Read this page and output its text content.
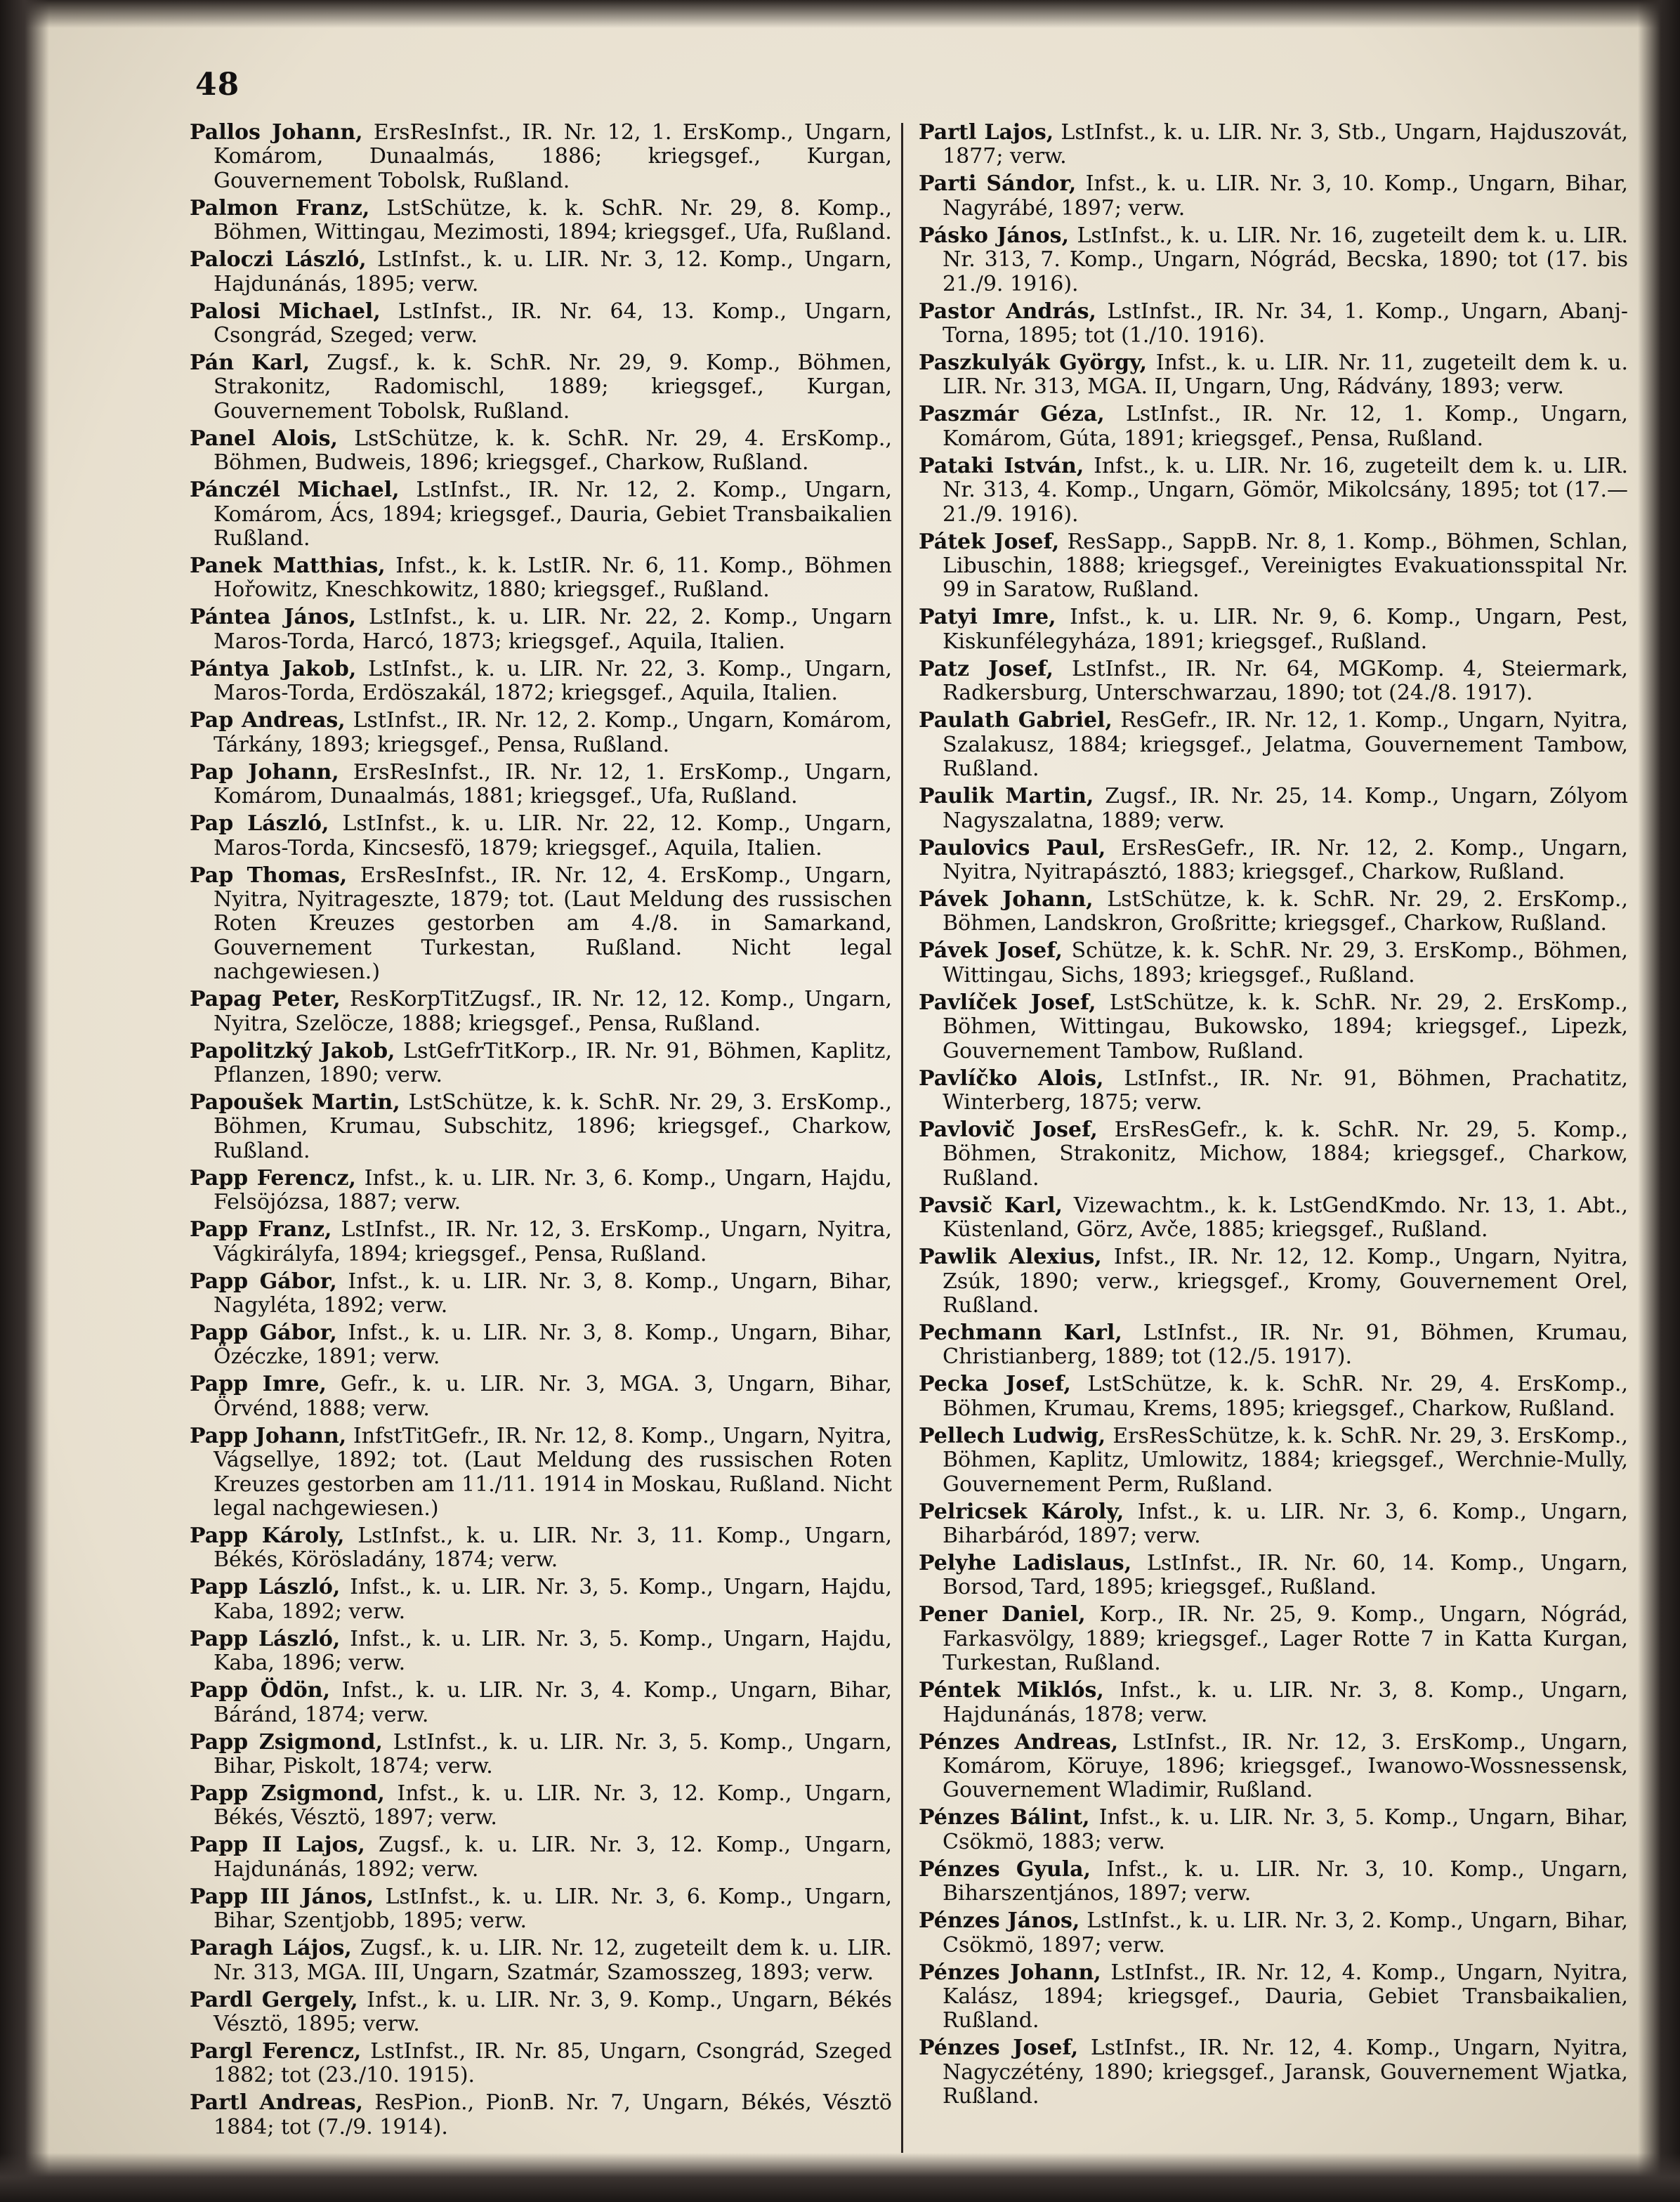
48

Pallos Johann, ErsResInfst., IR. Nr. 12, 1. ErsKomp., Ungarn, Komárom, Dunaalmás, 1886; kriegsgef., Kurgan, Gouvernement Tobolsk, Rußland.

Palmon Franz, LstSchütze, k. k. SchR. Nr. 29, 8. Komp., Böhmen, Wittingau, Mezimosti, 1894; kriegsgef., Ufa, Rußland.

Paloczi László, LstInfst., k. u. LIR. Nr. 3, 12. Komp., Ungarn, Hajdunánás, 1895; verw.

Palosi Michael, LstInfst., IR. Nr. 64, 13. Komp., Ungarn, Csongrád, Szeged; verw.

Pán Karl, Zugsf., k. k. SchR. Nr. 29, 9. Komp., Böhmen, Strakonitz, Radomischl, 1889; kriegsgef., Kurgan, Gouvernement Tobolsk, Rußland.

Panel Alois, LstSchütze, k. k. SchR. Nr. 29, 4. ErsKomp., Böhmen, Budweis, 1896; kriegsgef., Charkow, Rußland.

Pánczél Michael, LstInfst., IR. Nr. 12, 2. Komp., Ungarn, Komárom, Ács, 1894; kriegsgef., Dauria, Gebiet Transbaikalien Rußland.

Panek Matthias, Infst., k. k. LstIR. Nr. 6, 11. Komp., Böhmen Hořowitz, Kneschkowitz, 1880; kriegsgef., Rußland.

Pántea János, LstInfst., k. u. LIR. Nr. 22, 2. Komp., Ungarn Maros-Torda, Harcó, 1873; kriegsgef., Aquila, Italien.

Pántya Jakob, LstInfst., k. u. LIR. Nr. 22, 3. Komp., Ungarn, Maros-Torda, Erdöszakál, 1872; kriegsgef., Aquila, Italien.

Pap Andreas, LstInfst., IR. Nr. 12, 2. Komp., Ungarn, Komárom, Tárkány, 1893; kriegsgef., Pensa, Rußland.

Pap Johann, ErsResInfst., IR. Nr. 12, 1. ErsKomp., Ungarn, Komárom, Dunaalmás, 1881; kriegsgef., Ufa, Rußland.

Pap László, LstInfst., k. u. LIR. Nr. 22, 12. Komp., Ungarn, Maros-Torda, Kincsesfö, 1879; kriegsgef., Aquila, Italien.

Pap Thomas, ErsResInfst., IR. Nr. 12, 4. ErsKomp., Ungarn, Nyitra, Nyitrageszte, 1879; tot. (Laut Meldung des russischen Roten Kreuzes gestorben am 4./8. in Samarkand, Gouvernement Turkestan, Rußland. Nicht legal nachgewiesen.)

Papag Peter, ResKorpTitZugsf., IR. Nr. 12, 12. Komp., Ungarn, Nyitra, Szelöcze, 1888; kriegsgef., Pensa, Rußland.

Papolitzký Jakob, LstGefrTitKorp., IR. Nr. 91, Böhmen, Kaplitz, Pflanzen, 1890; verw.

Papoušek Martin, LstSchütze, k. k. SchR. Nr. 29, 3. ErsKomp., Böhmen, Krumau, Subschitz, 1896; kriegsgef., Charkow, Rußland.

Papp Ferencz, Infst., k. u. LIR. Nr. 3, 6. Komp., Ungarn, Hajdu, Felsöjózsa, 1887; verw.

Papp Franz, LstInfst., IR. Nr. 12, 3. ErsKomp., Ungarn, Nyitra, Vágkirályfa, 1894; kriegsgef., Pensa, Rußland.

Papp Gábor, Infst., k. u. LIR. Nr. 3, 8. Komp., Ungarn, Bihar, Nagyléta, 1892; verw.

Papp Gábor, Infst., k. u. LIR. Nr. 3, 8. Komp., Ungarn, Bihar, Özéczke, 1891; verw.

Papp Imre, Gefr., k. u. LIR. Nr. 3, MGA. 3, Ungarn, Bihar, Örvénd, 1888; verw.

Papp Johann, InfstTitGefr., IR. Nr. 12, 8. Komp., Ungarn, Nyitra, Vágsellye, 1892; tot. (Laut Meldung des russischen Roten Kreuzes gestorben am 11./11. 1914 in Moskau, Rußland. Nicht legal nachgewiesen.)

Papp Károly, LstInfst., k. u. LIR. Nr. 3, 11. Komp., Ungarn, Békés, Körösladány, 1874; verw.

Papp László, Infst., k. u. LIR. Nr. 3, 5. Komp., Ungarn, Hajdu, Kaba, 1892; verw.

Papp László, Infst., k. u. LIR. Nr. 3, 5. Komp., Ungarn, Hajdu, Kaba, 1896; verw.

Papp Ödön, Infst., k. u. LIR. Nr. 3, 4. Komp., Ungarn, Bihar, Báránd, 1874; verw.

Papp Zsigmond, LstInfst., k. u. LIR. Nr. 3, 5. Komp., Ungarn, Bihar, Piskolt, 1874; verw.

Papp Zsigmond, Infst., k. u. LIR. Nr. 3, 12. Komp., Ungarn, Békés, Vésztö, 1897; verw.

Papp II Lajos, Zugsf., k. u. LIR. Nr. 3, 12. Komp., Ungarn, Hajdunánás, 1892; verw.

Papp III János, LstInfst., k. u. LIR. Nr. 3, 6. Komp., Ungarn, Bihar, Szentjobb, 1895; verw.

Paragh Lájos, Zugsf., k. u. LIR. Nr. 12, zugeteilt dem k. u. LIR. Nr. 313, MGA. III, Ungarn, Szatmár, Szamosszeg, 1893; verw.

Pardl Gergely, Infst., k. u. LIR. Nr. 3, 9. Komp., Ungarn, Békés Vésztö, 1895; verw.

Pargl Ferencz, LstInfst., IR. Nr. 85, Ungarn, Csongrád, Szeged 1882; tot (23./10. 1915).

Partl Andreas, ResPion., PionB. Nr. 7, Ungarn, Békés, Vésztö 1884; tot (7./9. 1914).

Partl Lajos, LstInfst., k. u. LIR. Nr. 3, Stb., Ungarn, Hajduszovát, 1877; verw.

Parti Sándor, Infst., k. u. LIR. Nr. 3, 10. Komp., Ungarn, Bihar, Nagyrábé, 1897; verw.

Pásko János, LstInfst., k. u. LIR. Nr. 16, zugeteilt dem k. u. LIR. Nr. 313, 7. Komp., Ungarn, Nógrád, Becska, 1890; tot (17. bis 21./9. 1916).

Pastor András, LstInfst., IR. Nr. 34, 1. Komp., Ungarn, Abanj-Torna, 1895; tot (1./10. 1916).

Paszkulyák György, Infst., k. u. LIR. Nr. 11, zugeteilt dem k. u. LIR. Nr. 313, MGA. II, Ungarn, Ung, Rádvány, 1893; verw.

Paszmár Géza, LstInfst., IR. Nr. 12, 1. Komp., Ungarn, Komárom, Gúta, 1891; kriegsgef., Pensa, Rußland.

Pataki István, Infst., k. u. LIR. Nr. 16, zugeteilt dem k. u. LIR. Nr. 313, 4. Komp., Ungarn, Gömör, Mikolcsány, 1895; tot (17.—21./9. 1916).

Pátek Josef, ResSapp., SappB. Nr. 8, 1. Komp., Böhmen, Schlan, Libuschin, 1888; kriegsgef., Vereinigtes Evakuationsspital Nr. 99 in Saratow, Rußland.

Patyi Imre, Infst., k. u. LIR. Nr. 9, 6. Komp., Ungarn, Pest, Kiskunfélegyháza, 1891; kriegsgef., Rußland.

Patz Josef, LstInfst., IR. Nr. 64, MGKomp. 4, Steiermark, Radkersburg, Unterschwarzau, 1890; tot (24./8. 1917).

Paulath Gabriel, ResGefr., IR. Nr. 12, 1. Komp., Ungarn, Nyitra, Szalakusz, 1884; kriegsgef., Jelatma, Gouvernement Tambow, Rußland.

Paulik Martin, Zugsf., IR. Nr. 25, 14. Komp., Ungarn, Zólyom Nagyszalatna, 1889; verw.

Paulovics Paul, ErsResGefr., IR. Nr. 12, 2. Komp., Ungarn, Nyitra, Nyitrapásztó, 1883; kriegsgef., Charkow, Rußland.

Pávek Johann, LstSchütze, k. k. SchR. Nr. 29, 2. ErsKomp., Böhmen, Landskron, Großritte; kriegsgef., Charkow, Rußland.

Pávek Josef, Schütze, k. k. SchR. Nr. 29, 3. ErsKomp., Böhmen, Wittingau, Sichs, 1893; kriegsgef., Rußland.

Pavlíček Josef, LstSchütze, k. k. SchR. Nr. 29, 2. ErsKomp., Böhmen, Wittingau, Bukowsko, 1894; kriegsgef., Lipezk, Gouvernement Tambow, Rußland.

Pavlíčko Alois, LstInfst., IR. Nr. 91, Böhmen, Prachatitz, Winterberg, 1875; verw.

Pavlovič Josef, ErsResGefr., k. k. SchR. Nr. 29, 5. Komp., Böhmen, Strakonitz, Michow, 1884; kriegsgef., Charkow, Rußland.

Pavsič Karl, Vizewachtm., k. k. LstGendKmdo. Nr. 13, 1. Abt., Küstenland, Görz, Avče, 1885; kriegsgef., Rußland.

Pawlik Alexius, Infst., IR. Nr. 12, 12. Komp., Ungarn, Nyitra, Zsúk, 1890; verw., kriegsgef., Kromy, Gouvernement Orel, Rußland.

Pechmann Karl, LstInfst., IR. Nr. 91, Böhmen, Krumau, Christianberg, 1889; tot (12./5. 1917).

Pecka Josef, LstSchütze, k. k. SchR. Nr. 29, 4. ErsKomp., Böhmen, Krumau, Krems, 1895; kriegsgef., Charkow, Rußland.

Pellech Ludwig, ErsResSchütze, k. k. SchR. Nr. 29, 3. ErsKomp., Böhmen, Kaplitz, Umlowitz, 1884; kriegsgef., Werchnie-Mully, Gouvernement Perm, Rußland.

Pelricsek Károly, Infst., k. u. LIR. Nr. 3, 6. Komp., Ungarn, Biharbáród, 1897; verw.

Pelyhe Ladislaus, LstInfst., IR. Nr. 60, 14. Komp., Ungarn, Borsod, Tard, 1895; kriegsgef., Rußland.

Pener Daniel, Korp., IR. Nr. 25, 9. Komp., Ungarn, Nógrád, Farkasvölgy, 1889; kriegsgef., Lager Rotte 7 in Katta Kurgan, Turkestan, Rußland.

Péntek Miklós, Infst., k. u. LIR. Nr. 3, 8. Komp., Ungarn, Hajdunánás, 1878; verw.

Pénzes Andreas, LstInfst., IR. Nr. 12, 3. ErsKomp., Ungarn, Komárom, Köruye, 1896; kriegsgef., Iwanowo-Wossnessensk, Gouvernement Wladimir, Rußland.

Pénzes Bálint, Infst., k. u. LIR. Nr. 3, 5. Komp., Ungarn, Bihar, Csökmö, 1883; verw.

Pénzes Gyula, Infst., k. u. LIR. Nr. 3, 10. Komp., Ungarn, Biharszentjános, 1897; verw.

Pénzes János, LstInfst., k. u. LIR. Nr. 3, 2. Komp., Ungarn, Bihar, Csökmö, 1897; verw.

Pénzes Johann, LstInfst., IR. Nr. 12, 4. Komp., Ungarn, Nyitra, Kalász, 1894; kriegsgef., Dauria, Gebiet Transbaikalien, Rußland.

Pénzes Josef, LstInfst., IR. Nr. 12, 4. Komp., Ungarn, Nyitra, Nagyczétény, 1890; kriegsgef., Jaransk, Gouvernement Wjatka, Rußland.
